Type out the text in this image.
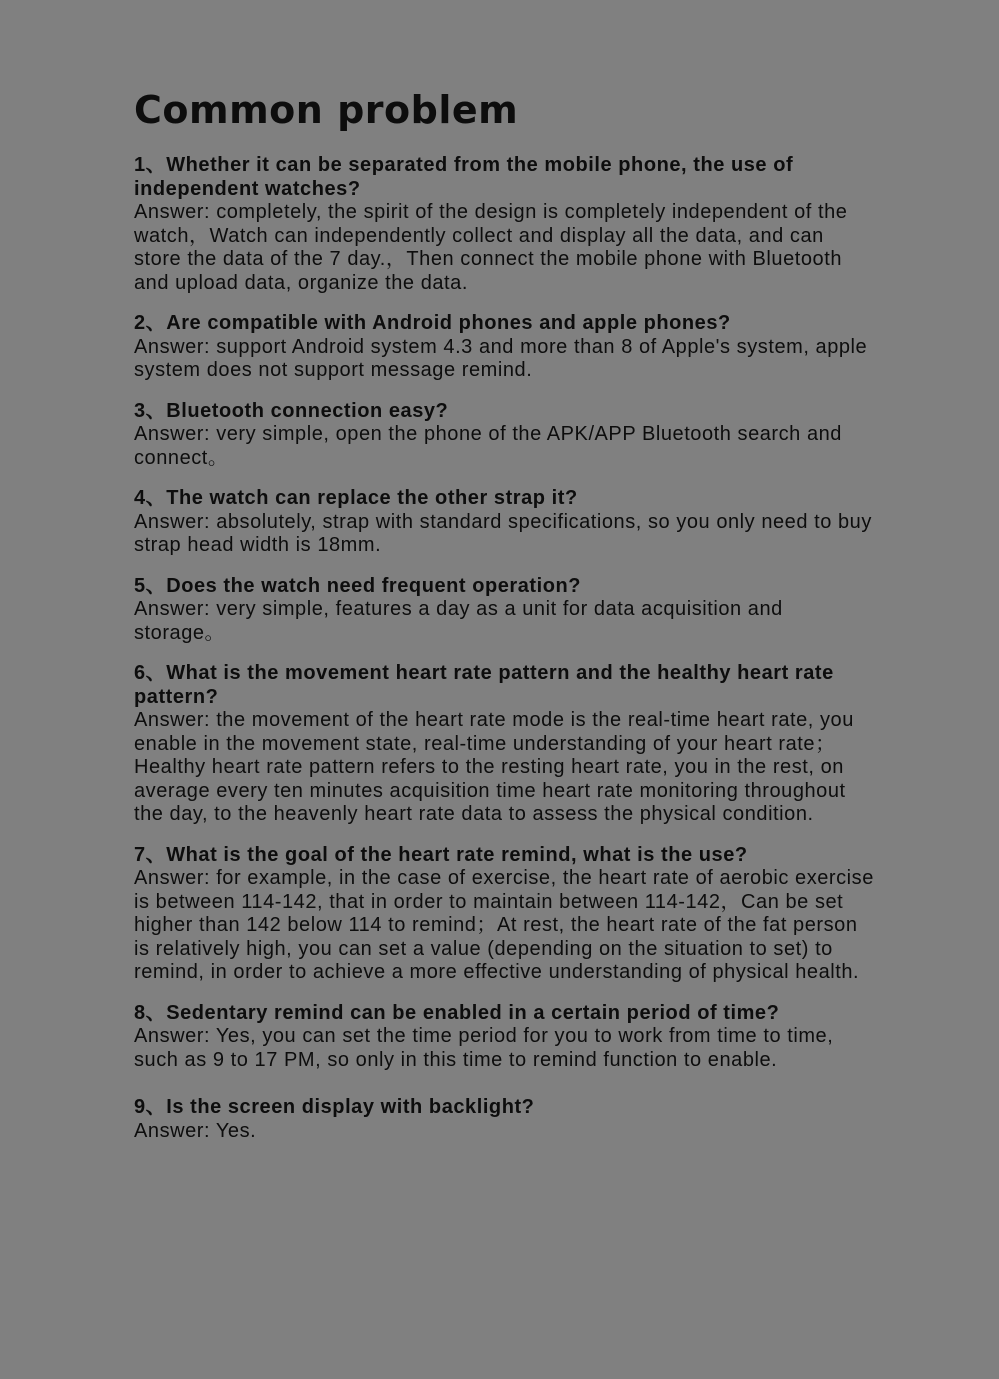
Common problem

1、Whether it can be separated from the mobile phone, the use of independent watches?

Answer: completely, the spirit of the design is completely independent of the watch，Watch can independently collect and display all the data, and can store the data of the 7 day.，Then connect the mobile phone with Bluetooth and upload data, organize the data.

2、Are compatible with Android phones and apple phones?

Answer: support Android system 4.3 and more than 8 of Apple's system, apple system does not support message remind.

3、Bluetooth connection easy?

Answer: very simple, open the phone of the APK/APP Bluetooth search and connect。

4、The watch can replace the other strap it?

Answer: absolutely, strap with standard specifications, so you only need to buy strap head width is 18mm.

5、Does the watch need frequent operation?

Answer: very simple, features a day as a unit for data acquisition and storage。

6、What is the movement heart rate pattern and the healthy heart rate pattern?

Answer: the movement of the heart rate mode is the real-time heart rate, you enable in the movement state, real-time understanding of your heart rate；Healthy heart rate pattern refers to the resting heart rate, you in the rest, on average every ten minutes acquisition time heart rate monitoring throughout the day, to the heavenly heart rate data to assess the physical condition.

7、What is the goal of the heart rate remind, what is the use?

Answer: for example, in the case of exercise, the heart rate of aerobic exercise is between 114-142, that in order to maintain between 114-142，Can be set higher than 142 below 114 to remind；At rest, the heart rate of the fat person is relatively high, you can set a value (depending on the situation to set) to remind, in order to achieve a more effective understanding of physical health.

8、Sedentary remind can be enabled in a certain period of time?

Answer: Yes, you can set the time period for you to work from time to time, such as 9 to 17 PM, so only in this time to remind function to enable.

9、Is the screen display with backlight?

Answer: Yes.
